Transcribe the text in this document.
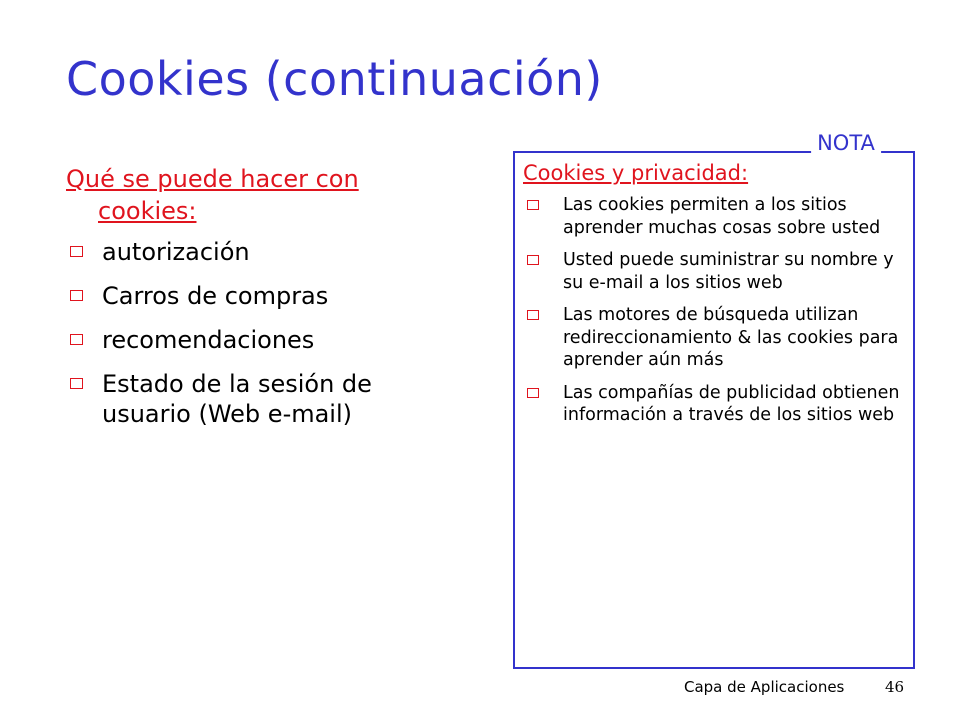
Cookies (continuación)
Qué se puede hacer con cookies:
autorización
Carros de compras
recomendaciones
Estado de la sesión de usuario (Web e-mail)
NOTA
Cookies y privacidad:
Las cookies permiten a los sitios aprender muchas cosas sobre usted
Usted puede suministrar su nombre y su e-mail a los sitios web
Las motores de búsqueda utilizan redireccionamiento & las cookies para aprender aún más
Las compañías de publicidad obtienen información a través de los sitios web
Capa de Aplicaciones	46
